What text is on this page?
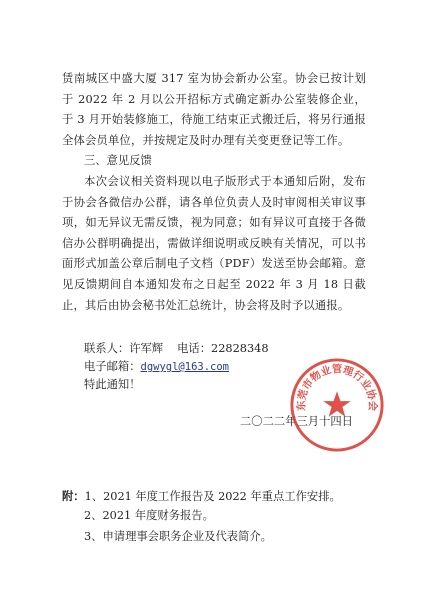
赁南城区中盛大厦 317 室为协会新办公室。协会已按计划于 2022 年 2 月以公开招标方式确定新办公室装修企业，于 3 月开始装修施工，待施工结束正式搬迁后，将另行通报全体会员单位，并按规定及时办理有关变更登记等工作。

三、意见反馈

本次会议相关资料现以电子版形式于本通知后附，发布于协会各微信办公群，请各单位负责人及时审阅相关审议事项，如无异议无需反馈，视为同意；如有异议可直接于各微信办公群明确提出，需做详细说明或反映有关情况，可以书面形式加盖公章后制电子文档（PDF）发送至协会邮箱。意见反馈期间自本通知发布之日起至 2022 年 3 月 18 日截止，其后由协会秘书处汇总统计，协会将及时予以通报。

联系人：许军辉 电话：22828348

电子邮箱：dgwygl@163.com

特此通知！

二〇二二年三月十四日

东莞市物业管理行业协会

附：1、2021 年度工作报告及 2022 年重点工作安排。

2、2021 年度财务报告。

3、申请理事会职务企业及代表简介。
